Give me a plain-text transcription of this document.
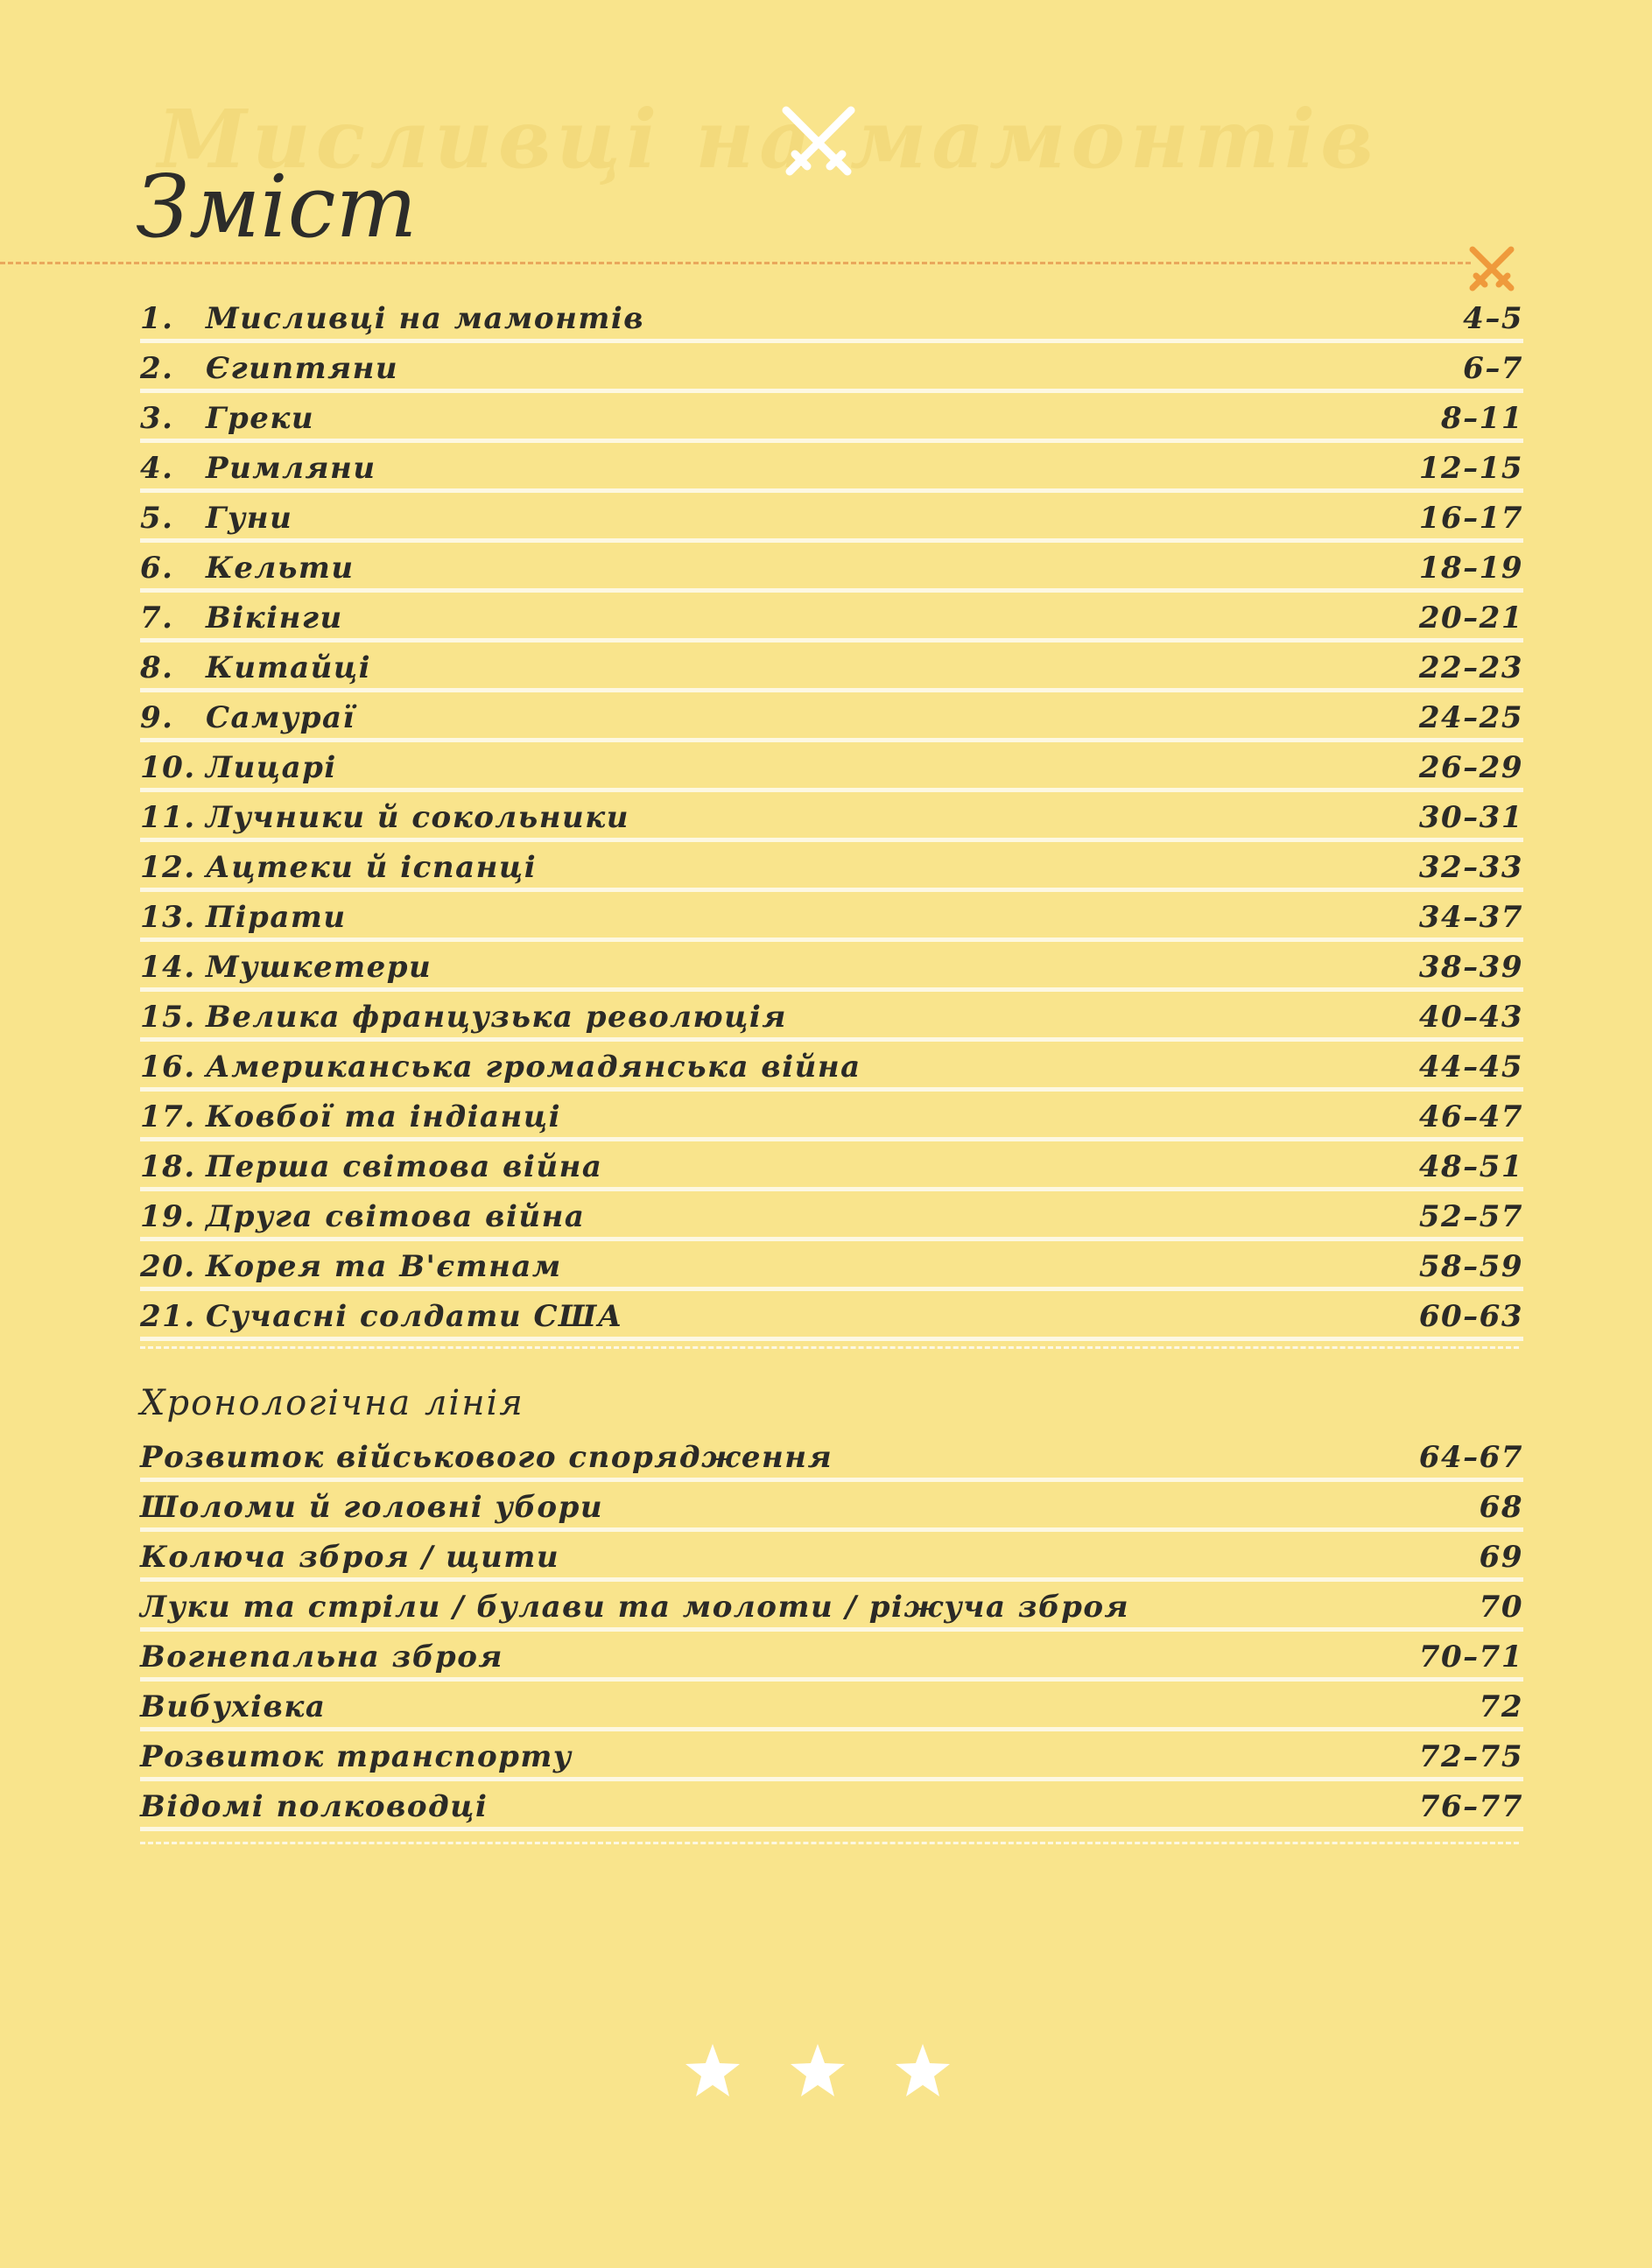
Мисливці на мамонтів
Зміст
1. Мисливці на мамонтів	4–5
2. Єгиптяни	6–7
3. Греки	8–11
4. Римляни	12–15
5. Гуни	16–17
6. Кельти	18–19
7. Вікінги	20–21
8. Китайці	22–23
9. Самураї	24–25
10. Лицарі	26–29
11. Лучники й сокольники	30–31
12. Ацтеки й іспанці	32–33
13. Пірати	34–37
14. Мушкетери	38–39
15. Велика французька революція	40–43
16. Американська громадянська війна	44–45
17. Ковбої та індіанці	46–47
18. Перша світова війна	48–51
19. Друга світова війна	52–57
20. Корея та В'єтнам	58–59
21. Сучасні солдати США	60–63
Хронологічна лінія
Розвиток військового спорядження	64–67
Шоломи й головні убори	68
Колюча зброя / щити	69
Луки та стріли / булави та молоти / ріжуча зброя	70
Вогнепальна зброя	70–71
Вибухівка	72
Розвиток транспорту	72–75
Відомі полководці	76–77
